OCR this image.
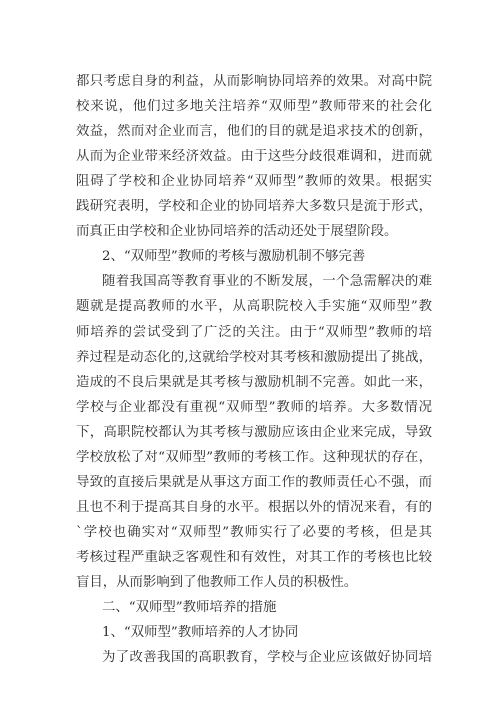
都只考虑自身的利益，从而影响协同培养的效果。对高中院
校来说，他们过多地关注培养“双师型”教师带来的社会化
效益，然而对企业而言，他们的目的就是追求技术的创新，
从而为企业带来经济效益。由于这些分歧很难调和，进而就
阻碍了学校和企业协同培养“双师型”教师的效果。根据实
践研究表明，学校和企业的协同培养大多数只是流于形式，
而真正由学校和企业协同培养的活动还处于展望阶段。
2、“双师型”教师的考核与激励机制不够完善
随着我国高等教育事业的不断发展，一个急需解决的难
题就是提高教师的水平，从高职院校入手实施“双师型”教
师培养的尝试受到了广泛的关注。由于“双师型”教师的培
养过程是动态化的,这就给学校对其考核和激励提出了挑战，
造成的不良后果就是其考核与激励机制不完善。如此一来，
学校与企业都没有重视“双师型”教师的培养。大多数情况
下，高职院校都认为其考核与激励应该由企业来完成，导致
学校放松了对“双师型”教师的考核工作。这种现状的存在，
导致的直接后果就是从事这方面工作的教师责任心不强，而
且也不利于提高其自身的水平。根据以外的情况来看，有的
`学校也确实对“双师型”教师实行了必要的考核，但是其
考核过程严重缺乏客观性和有效性，对其工作的考核也比较
盲目，从而影响到了他教师工作人员的积极性。
二、“双师型”教师培养的措施
1、“双师型”教师培养的人才协同
为了改善我国的高职教育，学校与企业应该做好协同培
